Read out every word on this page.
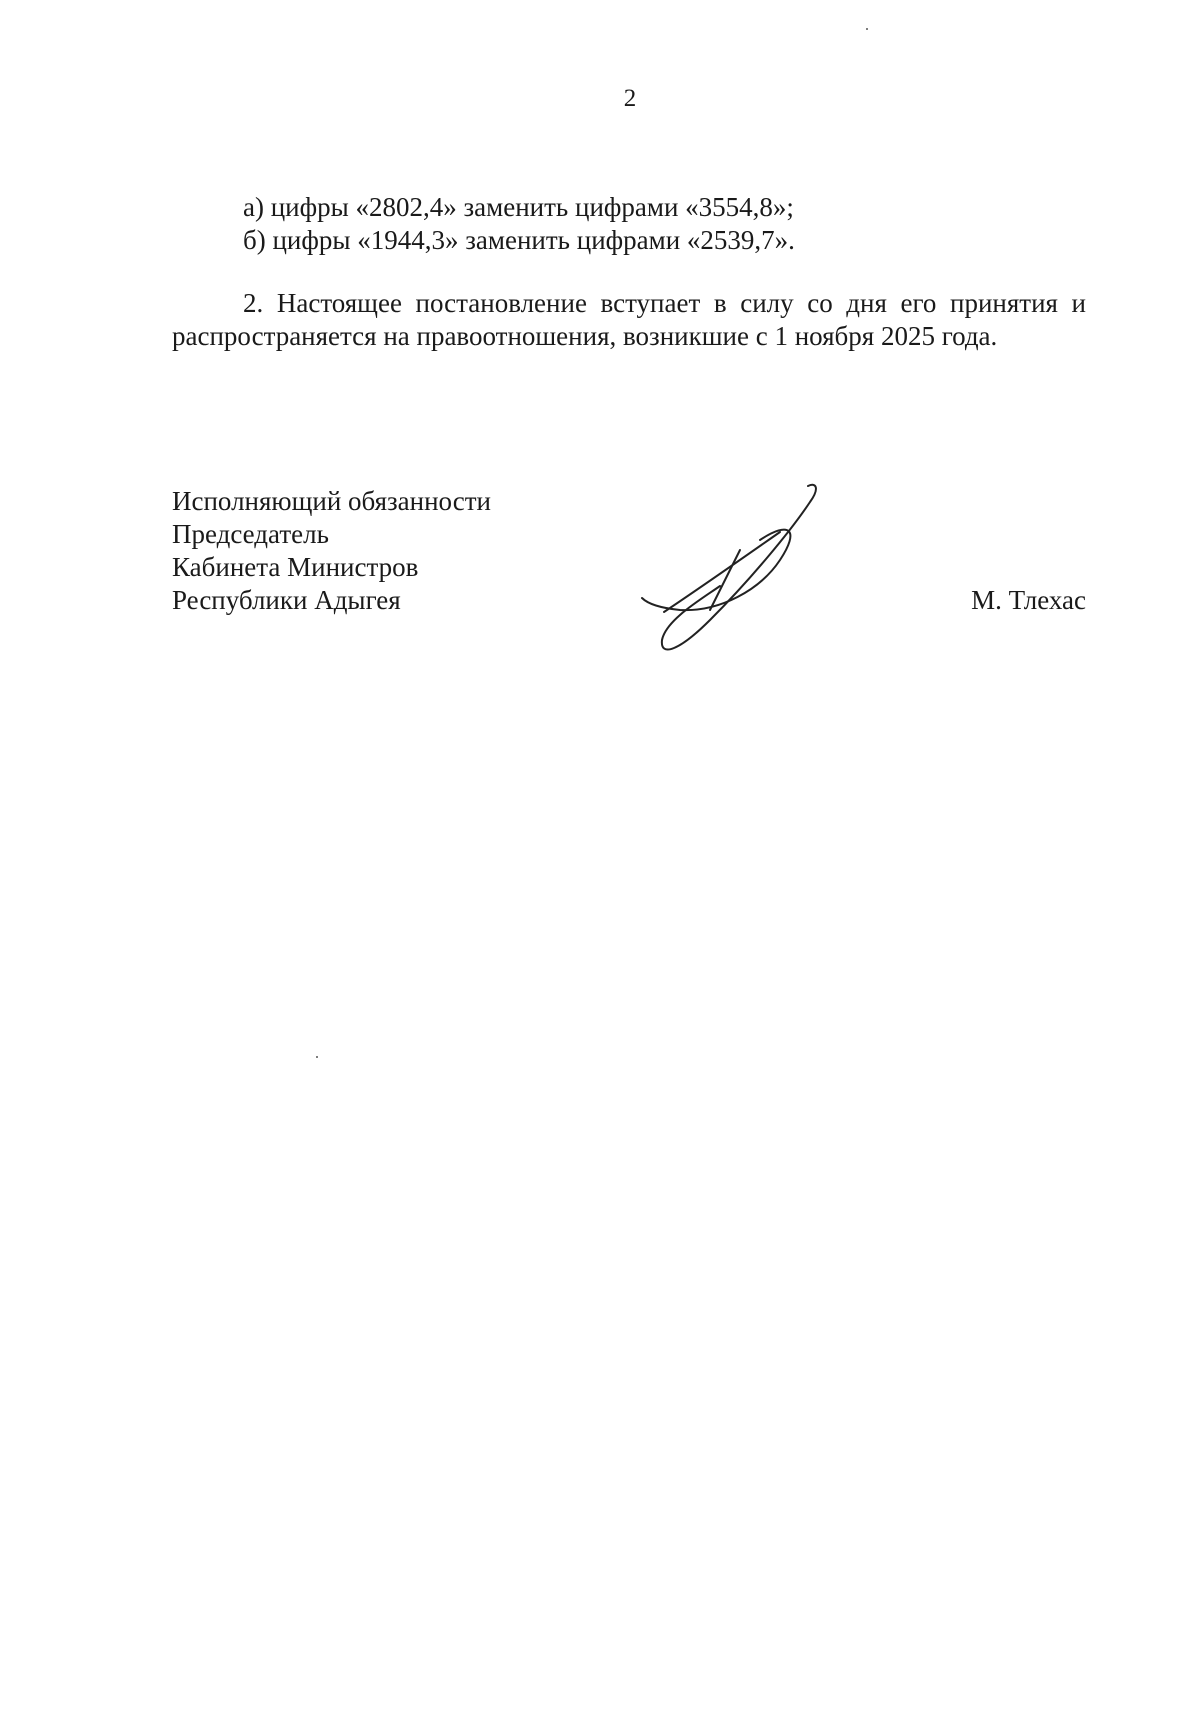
2
а) цифры «2802,4» заменить цифрами «3554,8»;
б) цифры «1944,3» заменить цифрами «2539,7».
2. Настоящее постановление вступает в силу со дня его принятия и
распространяется на правоотношения, возникшие с 1 ноября 2025 года.
Исполняющий обязанности
Председатель
Кабинета Министров
Республики Адыгея	М. Тлехас
